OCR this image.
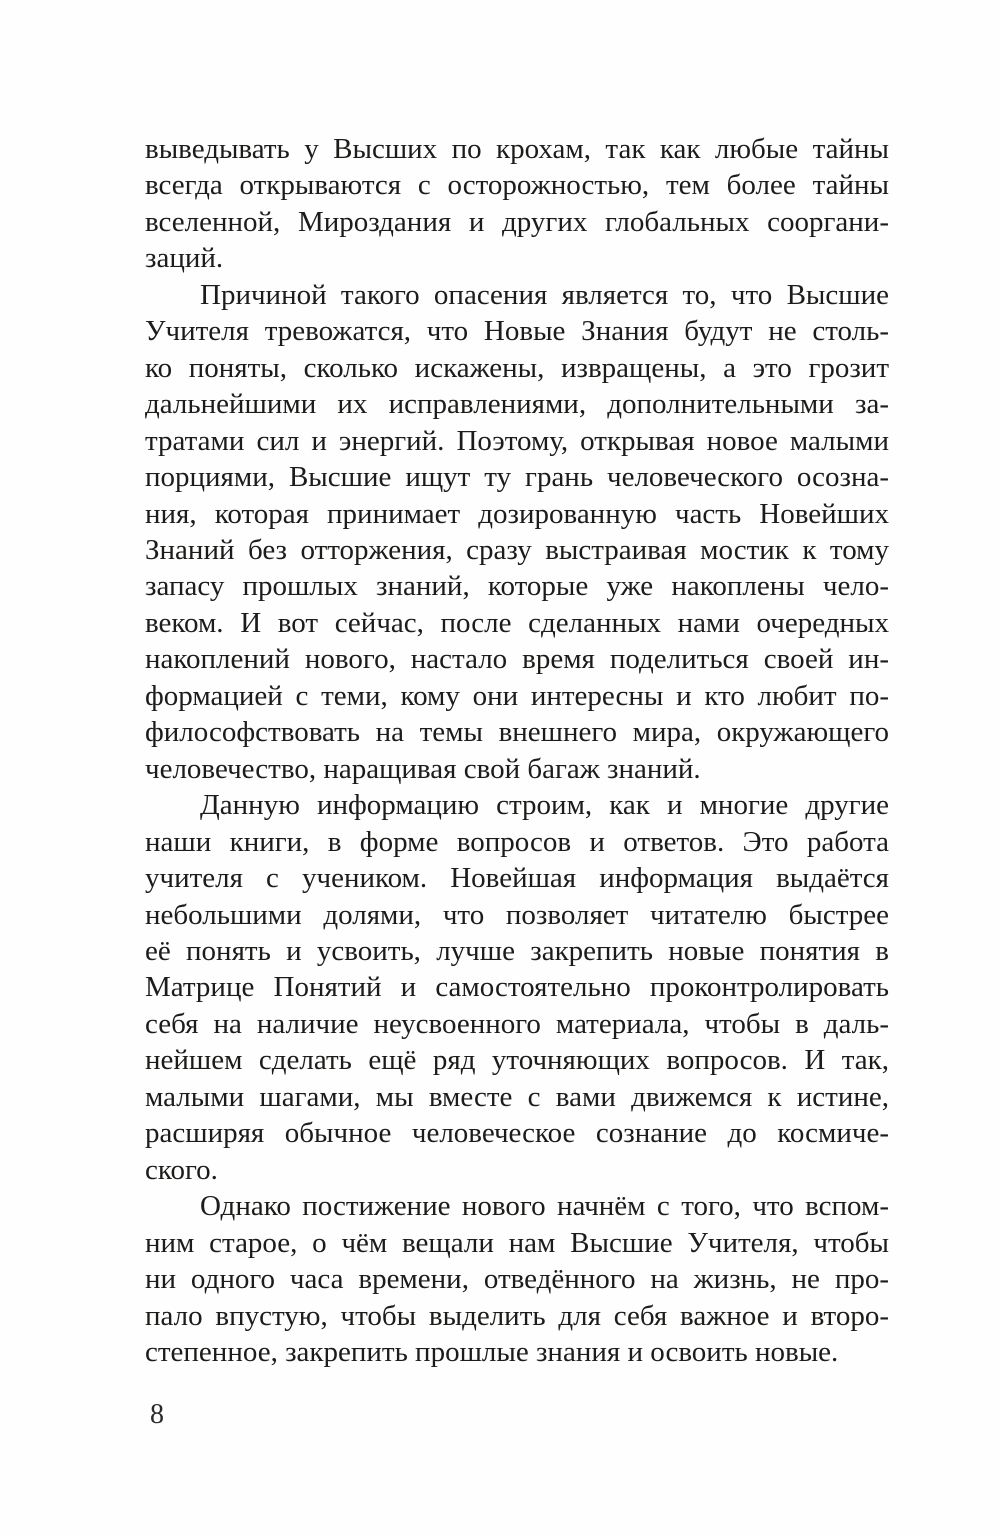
выведывать у Высших по крохам, так как любые тайны
всегда открываются с осторожностью, тем более тайны
вселенной, Мироздания и других глобальных сооргани-
заций.
Причиной такого опасения является то, что Высшие
Учителя тревожатся, что Новые Знания будут не столь-
ко поняты, сколько искажены, извращены, а это грозит
дальнейшими их исправлениями, дополнительными за-
тратами сил и энергий. Поэтому, открывая новое малыми
порциями, Высшие ищут ту грань человеческого осозна-
ния, которая принимает дозированную часть Новейших
Знаний без отторжения, сразу выстраивая мостик к тому
запасу прошлых знаний, которые уже накоплены чело-
веком. И вот сейчас, после сделанных нами очередных
накоплений нового, настало время поделиться своей ин-
формацией с теми, кому они интересны и кто любит по-
философствовать на темы внешнего мира, окружающего
человечество, наращивая свой багаж знаний.
Данную информацию строим, как и многие другие
наши книги, в форме вопросов и ответов. Это работа
учителя с учеником. Новейшая информация выдаётся
небольшими долями, что позволяет читателю быстрее
её понять и усвоить, лучше закрепить новые понятия в
Матрице Понятий и самостоятельно проконтролировать
себя на наличие неусвоенного материала, чтобы в даль-
нейшем сделать ещё ряд уточняющих вопросов. И так,
малыми шагами, мы вместе с вами движемся к истине,
расширяя обычное человеческое сознание до космиче-
ского.
Однако постижение нового начнём с того, что вспом-
ним старое, о чём вещали нам Высшие Учителя, чтобы
ни одного часа времени, отведённого на жизнь, не про-
пало впустую, чтобы выделить для себя важное и второ-
степенное, закрепить прошлые знания и освоить новые.
8
